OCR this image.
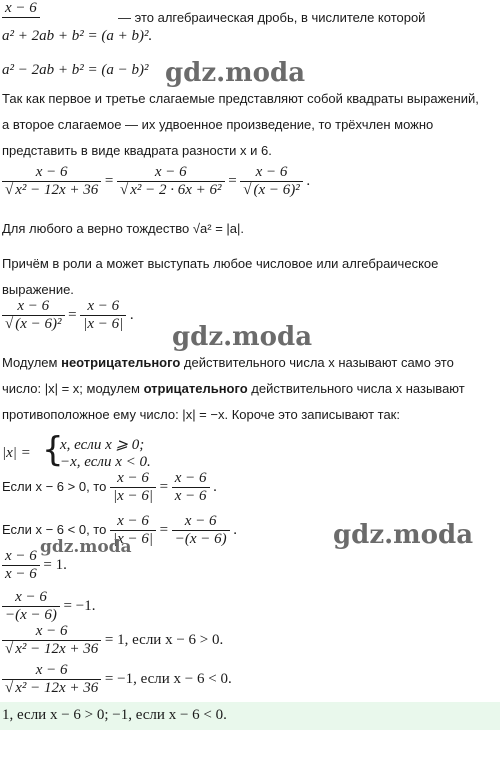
x − 6
— это алгебраическая дробь, в числителе которой
a² + 2ab + b² = (a + b)².
a² − 2ab + b² = (a − b)² gdz.moda
Так как первое и третье слагаемые представляют собой квадраты выражений,
а второе слагаемое — их удвоенное произведение, то трёхчлен можно
представить в виде квадрата разности x и 6.
$\frac{x - 6}{\text{√ x² − 12x + 36}} = \frac{x - 6}{\text{√ x² − 2 · 6x + 6²}} = \frac{x - 6}{\text{√ (x − 6)²}}$ .
Для любого a верно тождество √a² = |a|.
Причём в роли a может выступать любое числовое или алгебраическое
выражение.
$\frac{x - 6}{\text{√ (x − 6)²}} = \frac{x - 6}{|x - 6|}$ .
gdz.moda
Модулем неотрицательного действительного числа x называют само это
число: |x| = x; модулем отрицательного действительного числа x называют
противоположное ему число: |x| = −x. Короче это записывают так:
|x| = {
x, если x ⩾ 0;
−x, если x < 0.
Если x − 6 > 0, то $\frac{x - 6}{|x - 6|} = \frac{x - 6}{x - 6}$ .
Если x − 6 < 0, то $\frac{x - 6}{|x - 6|} = \frac{x - 6}{-(x - 6)}$ .	gdz.moda
$\frac{x - 6}{x - 6} = 1$.
gdz.moda
$\frac{x - 6}{-(x - 6)} = -1$.
$\frac{x - 6}{\text{√ x² − 12x + 36}} = 1$, если x − 6 > 0.
$\frac{x - 6}{\text{√ x² − 12x + 36}} = -1$, если x − 6 < 0.
1, если x − 6 > 0; −1, если x − 6 < 0.
